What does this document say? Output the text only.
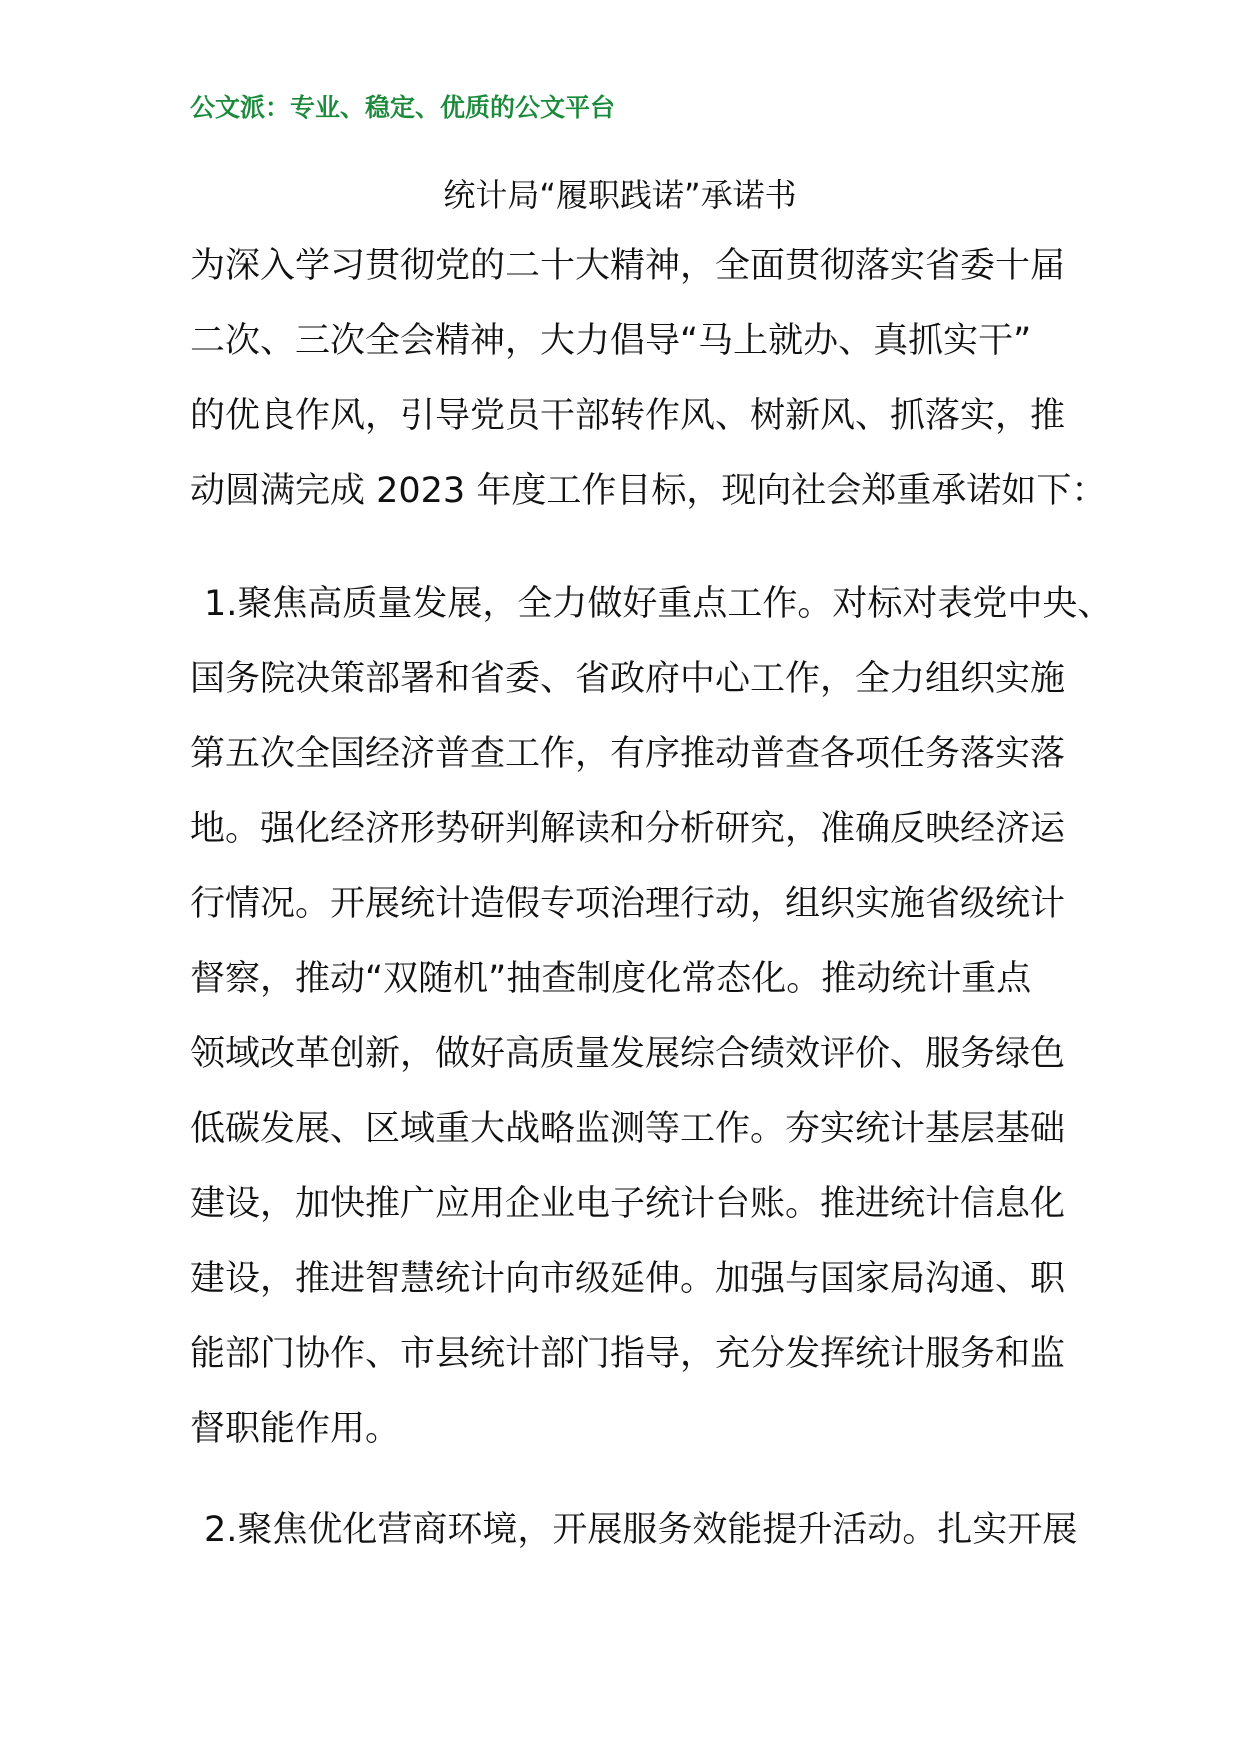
公文派：专业、稳定、优质的公文平台
统计局“履职践诺”承诺书

为深入学习贯彻党的二十大精神，全面贯彻落实省委十届
二次、三次全会精神，大力倡导“马上就办、真抓实干”
的优良作风，引导党员干部转作风、树新风、抓落实，推
动圆满完成 2023 年度工作目标，现向社会郑重承诺如下：

1.聚焦高质量发展，全力做好重点工作。对标对表党中央、
国务院决策部署和省委、省政府中心工作，全力组织实施
第五次全国经济普查工作，有序推动普查各项任务落实落
地。强化经济形势研判解读和分析研究，准确反映经济运
行情况。开展统计造假专项治理行动，组织实施省级统计
督察，推动“双随机”抽查制度化常态化。推动统计重点
领域改革创新，做好高质量发展综合绩效评价、服务绿色
低碳发展、区域重大战略监测等工作。夯实统计基层基础
建设，加快推广应用企业电子统计台账。推进统计信息化
建设，推进智慧统计向市级延伸。加强与国家局沟通、职
能部门协作、市县统计部门指导，充分发挥统计服务和监
督职能作用。

2.聚焦优化营商环境，开展服务效能提升活动。扎实开展
